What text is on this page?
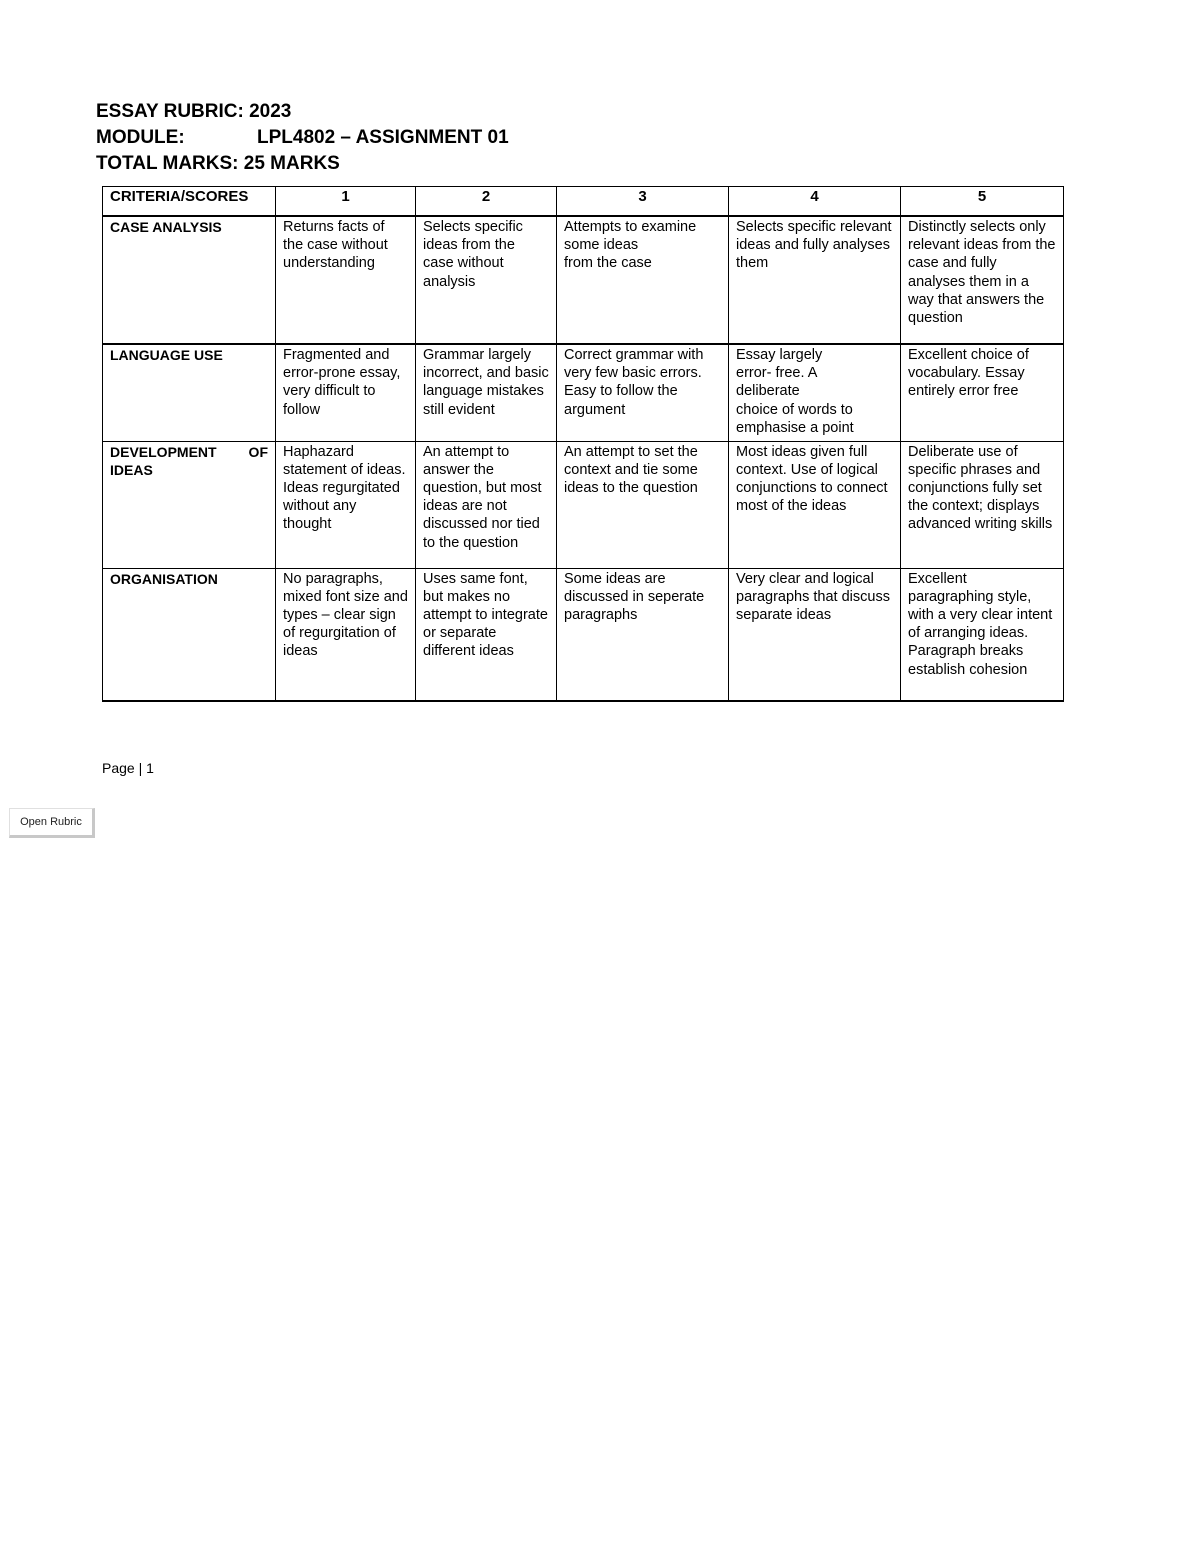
ESSAY RUBRIC: 2023
MODULE:	LPL4802 – ASSIGNMENT 01
TOTAL MARKS: 25 MARKS
CRITERIA/SCORES	1	2	3	4	5
CASE ANALYSIS	Returns facts of the case without understanding	Selects specific ideas from the case without analysis	Attempts to examine some ideas
from the case	Selects specific relevant ideas and fully analyses them	Distinctly selects only relevant ideas from the case and fully analyses them in a way that answers the question
LANGUAGE USE	Fragmented and error-prone essay, very difficult to follow	Grammar largely incorrect, and basic language mistakes still evident	Correct grammar with very few basic errors. Easy to follow the argument	Essay largely
error- free. A
deliberate
choice of words to emphasise a point	Excellent choice of vocabulary. Essay entirely error free
DEVELOPMENT OF IDEAS	Haphazard statement of ideas. Ideas regurgitated without any thought	An attempt to answer the question, but most ideas are not discussed nor tied to the question	An attempt to set the context and tie some ideas to the question	Most ideas given full context. Use of logical conjunctions to connect most of the ideas	Deliberate use of specific phrases and conjunctions fully set the context; displays advanced writing skills
ORGANISATION	No paragraphs, mixed font size and types – clear sign of regurgitation of ideas	Uses same font, but makes no attempt to integrate or separate different ideas	Some ideas are discussed in seperate paragraphs	Very clear and logical paragraphs that discuss separate ideas	Excellent paragraphing style, with a very clear intent of arranging ideas. Paragraph breaks establish cohesion
Page | 1
Open Rubric
